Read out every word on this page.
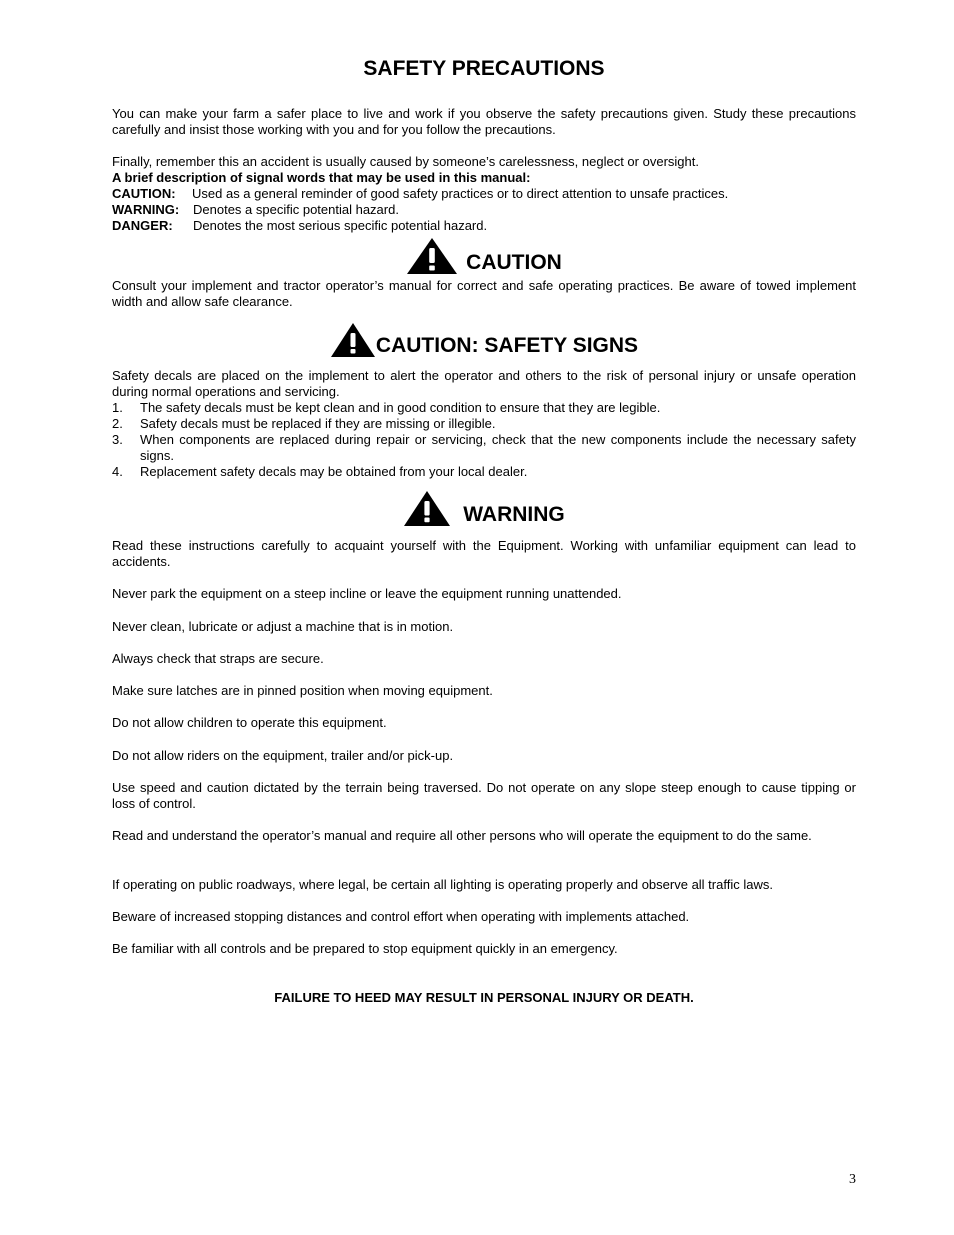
SAFETY PRECAUTIONS

You can make your farm a safer place to live and work if you observe the safety precautions given. Study these precautions carefully and insist those working with you and for you follow the precautions.

Finally, remember this an accident is usually caused by someone’s carelessness, neglect or oversight.

A brief description of signal words that may be used in this manual:

CAUTION:	Used as a general reminder of good safety practices or to direct attention to unsafe practices.
WARNING:	Denotes a specific potential hazard.
DANGER:	Denotes the most serious specific potential hazard.
CAUTION

Consult your implement and tractor operator’s manual for correct and safe operating practices. Be aware of towed implement width and allow safe clearance.

CAUTION: SAFETY SIGNS

Safety decals are placed on the implement to alert the operator and others to the risk of personal injury or unsafe operation during normal operations and servicing.

1.	The safety decals must be kept clean and in good condition to ensure that they are legible.
2.	Safety decals must be replaced if they are missing or illegible.
3.	When components are replaced during repair or servicing, check that the new components include the necessary safety signs.
4.	Replacement safety decals may be obtained from your local dealer.
WARNING

Read these instructions carefully to acquaint yourself with the Equipment. Working with unfamiliar equipment can lead to accidents.

Never park the equipment on a steep incline or leave the equipment running unattended.

Never clean, lubricate or adjust a machine that is in motion.

Always check that straps are secure.

Make sure latches are in pinned position when moving equipment.

Do not allow children to operate this equipment.

Do not allow riders on the equipment, trailer and/or pick-up.

Use speed and caution dictated by the terrain being traversed. Do not operate on any slope steep enough to cause tipping or loss of control.

Read and understand the operator’s manual and require all other persons who will operate the equipment to do the same.

If operating on public roadways, where legal, be certain all lighting is operating properly and observe all traffic laws.

Beware of increased stopping distances and control effort when operating with implements attached.

Be familiar with all controls and be prepared to stop equipment quickly in an emergency.

FAILURE TO HEED MAY RESULT IN PERSONAL INJURY OR DEATH.
3
